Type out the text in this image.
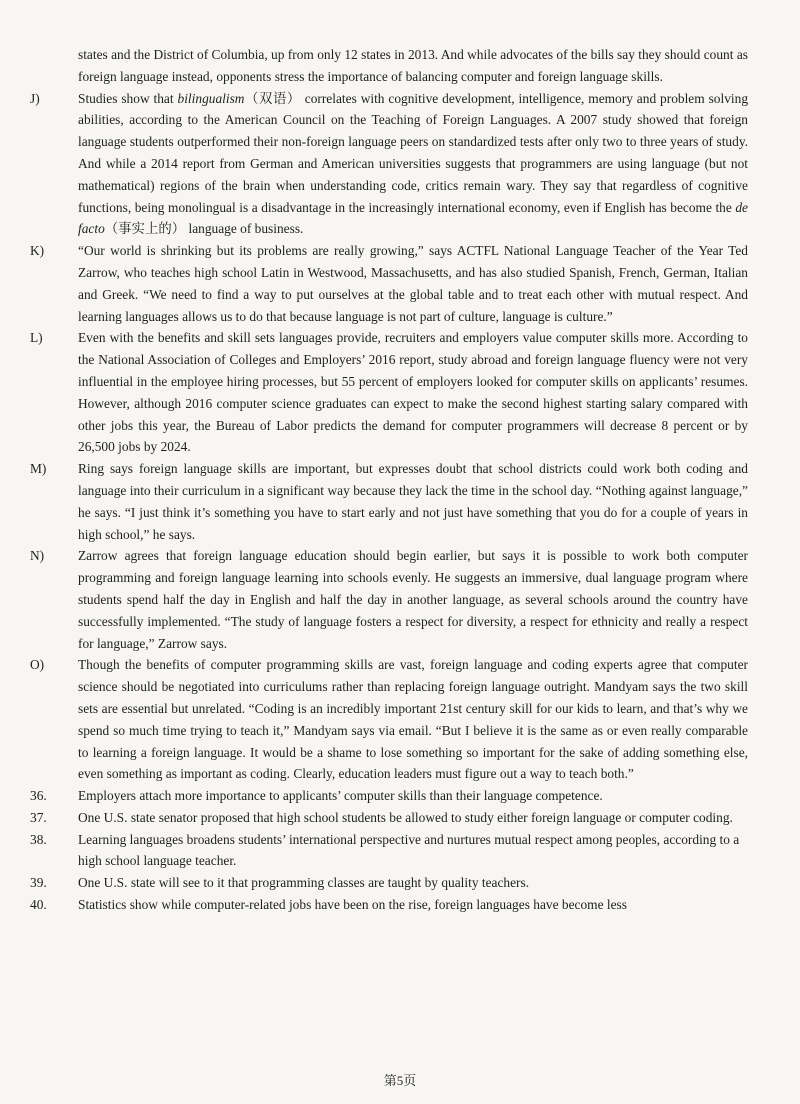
states and the District of Columbia, up from only 12 states in 2013. And while advocates of the bills say they should count as foreign language instead, opponents stress the importance of balancing computer and foreign language skills.

J)	Studies show that bilingualism（双语） correlates with cognitive development, intelligence, memory and problem solving abilities, according to the American Council on the Teaching of Foreign Languages. A 2007 study showed that foreign language students outperformed their non-foreign language peers on standardized tests after only two to three years of study. And while a 2014 report from German and American universities suggests that programmers are using language (but not mathematical) regions of the brain when understanding code, critics remain wary. They say that regardless of cognitive functions, being monolingual is a disadvantage in the increasingly international economy, even if English has become the de facto（事实上的） language of business.

K)	“Our world is shrinking but its problems are really growing,” says ACTFL National Language Teacher of the Year Ted Zarrow, who teaches high school Latin in Westwood, Massachusetts, and has also studied Spanish, French, German, Italian and Greek. “We need to find a way to put ourselves at the global table and to treat each other with mutual respect. And learning languages allows us to do that because language is not part of culture, language is culture.”

L)	Even with the benefits and skill sets languages provide, recruiters and employers value computer skills more. According to the National Association of Colleges and Employers’ 2016 report, study abroad and foreign language fluency were not very influential in the employee hiring processes, but 55 percent of employers looked for computer skills on applicants’ resumes. However, although 2016 computer science graduates can expect to make the second highest starting salary compared with other jobs this year, the Bureau of Labor predicts the demand for computer programmers will decrease 8 percent or by 26,500 jobs by 2024.

M) Ring says foreign language skills are important, but expresses doubt that school districts could work both coding and language into their curriculum in a significant way because they lack the time in the school day. “Nothing against language,” he says. “I just think it’s something you have to start early and not just have something that you do for a couple of years in high school,” he says.

N)	Zarrow agrees that foreign language education should begin earlier, but says it is possible to work both computer programming and foreign language learning into schools evenly. He suggests an immersive, dual language program where students spend half the day in English and half the day in another language, as several schools around the country have successfully implemented. “The study of language fosters a respect for diversity, a respect for ethnicity and really a respect for language,” Zarrow says.

O)	Though the benefits of computer programming skills are vast, foreign language and coding experts agree that computer science should be negotiated into curriculums rather than replacing foreign language outright. Mandyam says the two skill sets are essential but unrelated. “Coding is an incredibly important 21st century skill for our kids to learn, and that’s why we spend so much time trying to teach it,” Mandyam says via email. “But I believe it is the same as or even really comparable to learning a foreign language. It would be a shame to lose something so important for the sake of adding something else, even something as important as coding. Clearly, education leaders must figure out a way to teach both.”

36. Employers attach more importance to applicants’ computer skills than their language competence.

37. One U.S. state senator proposed that high school students be allowed to study either foreign language or computer coding.

38. Learning languages broadens students’ international perspective and nurtures mutual respect among peoples, according to a high school language teacher.

39. One U.S. state will see to it that programming classes are taught by quality teachers.

40. Statistics show while computer-related jobs have been on the rise, foreign languages have become less

第5页
